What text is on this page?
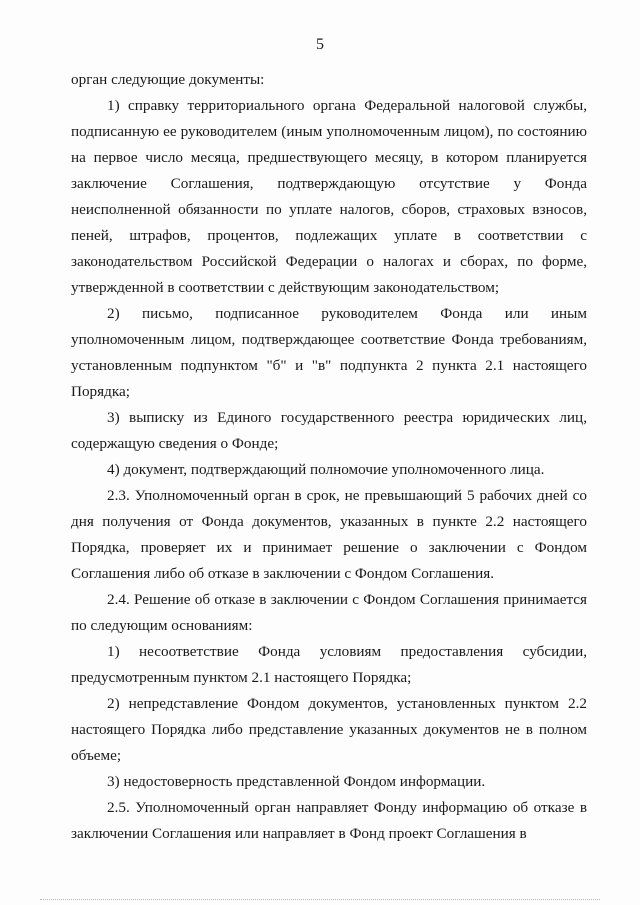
5

орган следующие документы:

1) справку территориального органа Федеральной налоговой службы, подписанную ее руководителем (иным уполномоченным лицом), по состоянию на первое число месяца, предшествующего месяцу, в котором планируется заключение Соглашения, подтверждающую отсутствие у Фонда неисполненной обязанности по уплате налогов, сборов, страховых взносов, пеней, штрафов, процентов, подлежащих уплате в соответствии с законодательством Российской Федерации о налогах и сборах, по форме, утвержденной в соответствии с действующим законодательством;

2) письмо, подписанное руководителем Фонда или иным уполномоченным лицом, подтверждающее соответствие Фонда требованиям, установленным подпунктом "б" и "в" подпункта 2 пункта 2.1 настоящего Порядка;

3) выписку из Единого государственного реестра юридических лиц, содержащую сведения о Фонде;

4) документ, подтверждающий полномочие уполномоченного лица.

2.3. Уполномоченный орган в срок, не превышающий 5 рабочих дней со дня получения от Фонда документов, указанных в пункте 2.2 настоящего Порядка, проверяет их и принимает решение о заключении с Фондом Соглашения либо об отказе в заключении с Фондом Соглашения.

2.4. Решение об отказе в заключении с Фондом Соглашения принимается по следующим основаниям:

1) несоответствие Фонда условиям предоставления субсидии, предусмотренным пунктом 2.1 настоящего Порядка;

2) непредставление Фондом документов, установленных пунктом 2.2 настоящего Порядка либо представление указанных документов не в полном объеме;

3) недостоверность представленной Фондом информации.

2.5. Уполномоченный орган направляет Фонду информацию об отказе в заключении Соглашения или направляет в Фонд проект Соглашения в
